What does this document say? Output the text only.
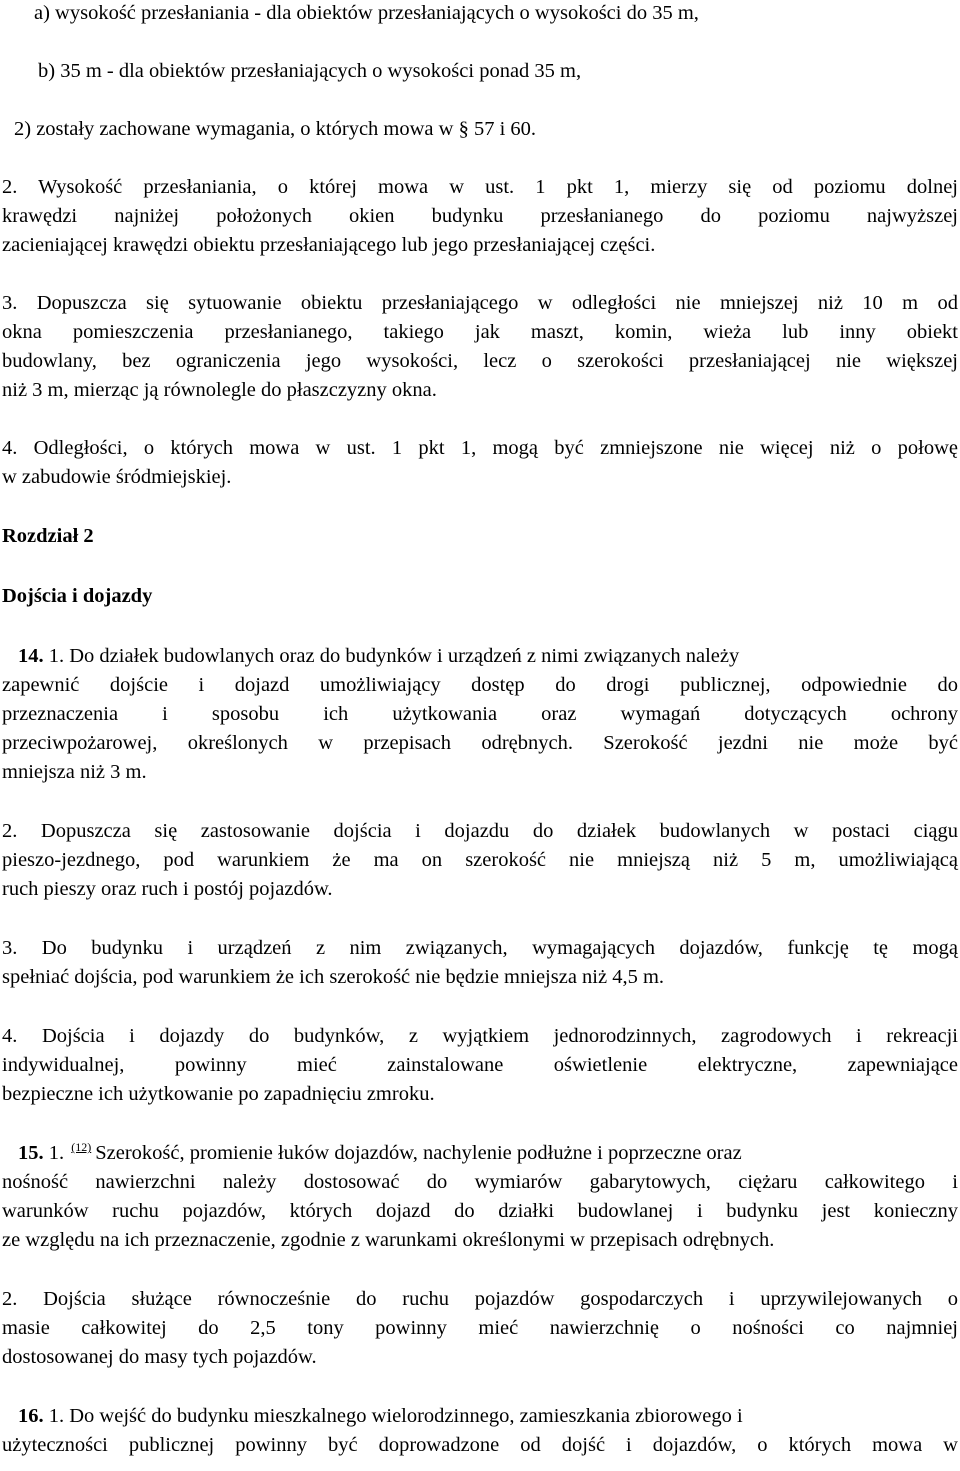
a) wysokość przesłaniania - dla obiektów przesłaniających o wysokości do 35 m,
b) 35 m - dla obiektów przesłaniających o wysokości ponad 35 m,
2) zostały zachowane wymagania, o których mowa w § 57 i 60.
2. Wysokość przesłaniania, o której mowa w ust. 1 pkt 1, mierzy się od poziomu dolnej
krawędzi najniżej położonych okien budynku przesłanianego do poziomu najwyższej
zacieniającej krawędzi obiektu przesłaniającego lub jego przesłaniającej części.
3. Dopuszcza się sytuowanie obiektu przesłaniającego w odległości nie mniejszej niż 10 m od
okna pomieszczenia przesłanianego, takiego jak maszt, komin, wieża lub inny obiekt
budowlany, bez ograniczenia jego wysokości, lecz o szerokości przesłaniającej nie większej
niż 3 m, mierząc ją równolegle do płaszczyzny okna.
4. Odległości, o których mowa w ust. 1 pkt 1, mogą być zmniejszone nie więcej niż o połowę
w zabudowie śródmiejskiej.
Rozdział 2
Dojścia i dojazdy
14. 1. Do działek budowlanych oraz do budynków i urządzeń z nimi związanych należy
zapewnić dojście i dojazd umożliwiający dostęp do drogi publicznej, odpowiednie do
przeznaczenia i sposobu ich użytkowania oraz wymagań dotyczących ochrony
przeciwpożarowej, określonych w przepisach odrębnych. Szerokość jezdni nie może być
mniejsza niż 3 m.
2. Dopuszcza się zastosowanie dojścia i dojazdu do działek budowlanych w postaci ciągu
pieszo-jezdnego, pod warunkiem że ma on szerokość nie mniejszą niż 5 m, umożliwiającą
ruch pieszy oraz ruch i postój pojazdów.
3. Do budynku i urządzeń z nim związanych, wymagających dojazdów, funkcję tę mogą
spełniać dojścia, pod warunkiem że ich szerokość nie będzie mniejsza niż 4,5 m.
4. Dojścia i dojazdy do budynków, z wyjątkiem jednorodzinnych, zagrodowych i rekreacji
indywidualnej, powinny mieć zainstalowane oświetlenie elektryczne, zapewniające
bezpieczne ich użytkowanie po zapadnięciu zmroku.
15. 1. $^{(12)}$ Szerokość, promienie łuków dojazdów, nachylenie podłużne i poprzeczne oraz
nośność nawierzchni należy dostosować do wymiarów gabarytowych, ciężaru całkowitego i
warunków ruchu pojazdów, których dojazd do działki budowlanej i budynku jest konieczny
ze względu na ich przeznaczenie, zgodnie z warunkami określonymi w przepisach odrębnych.
2. Dojścia służące równocześnie do ruchu pojazdów gospodarczych i uprzywilejowanych o
masie całkowitej do 2,5 tony powinny mieć nawierzchnię o nośności co najmniej
dostosowanej do masy tych pojazdów.
16. 1. Do wejść do budynku mieszkalnego wielorodzinnego, zamieszkania zbiorowego i
użyteczności publicznej powinny być doprowadzone od dojść i dojazdów, o których mowa w
